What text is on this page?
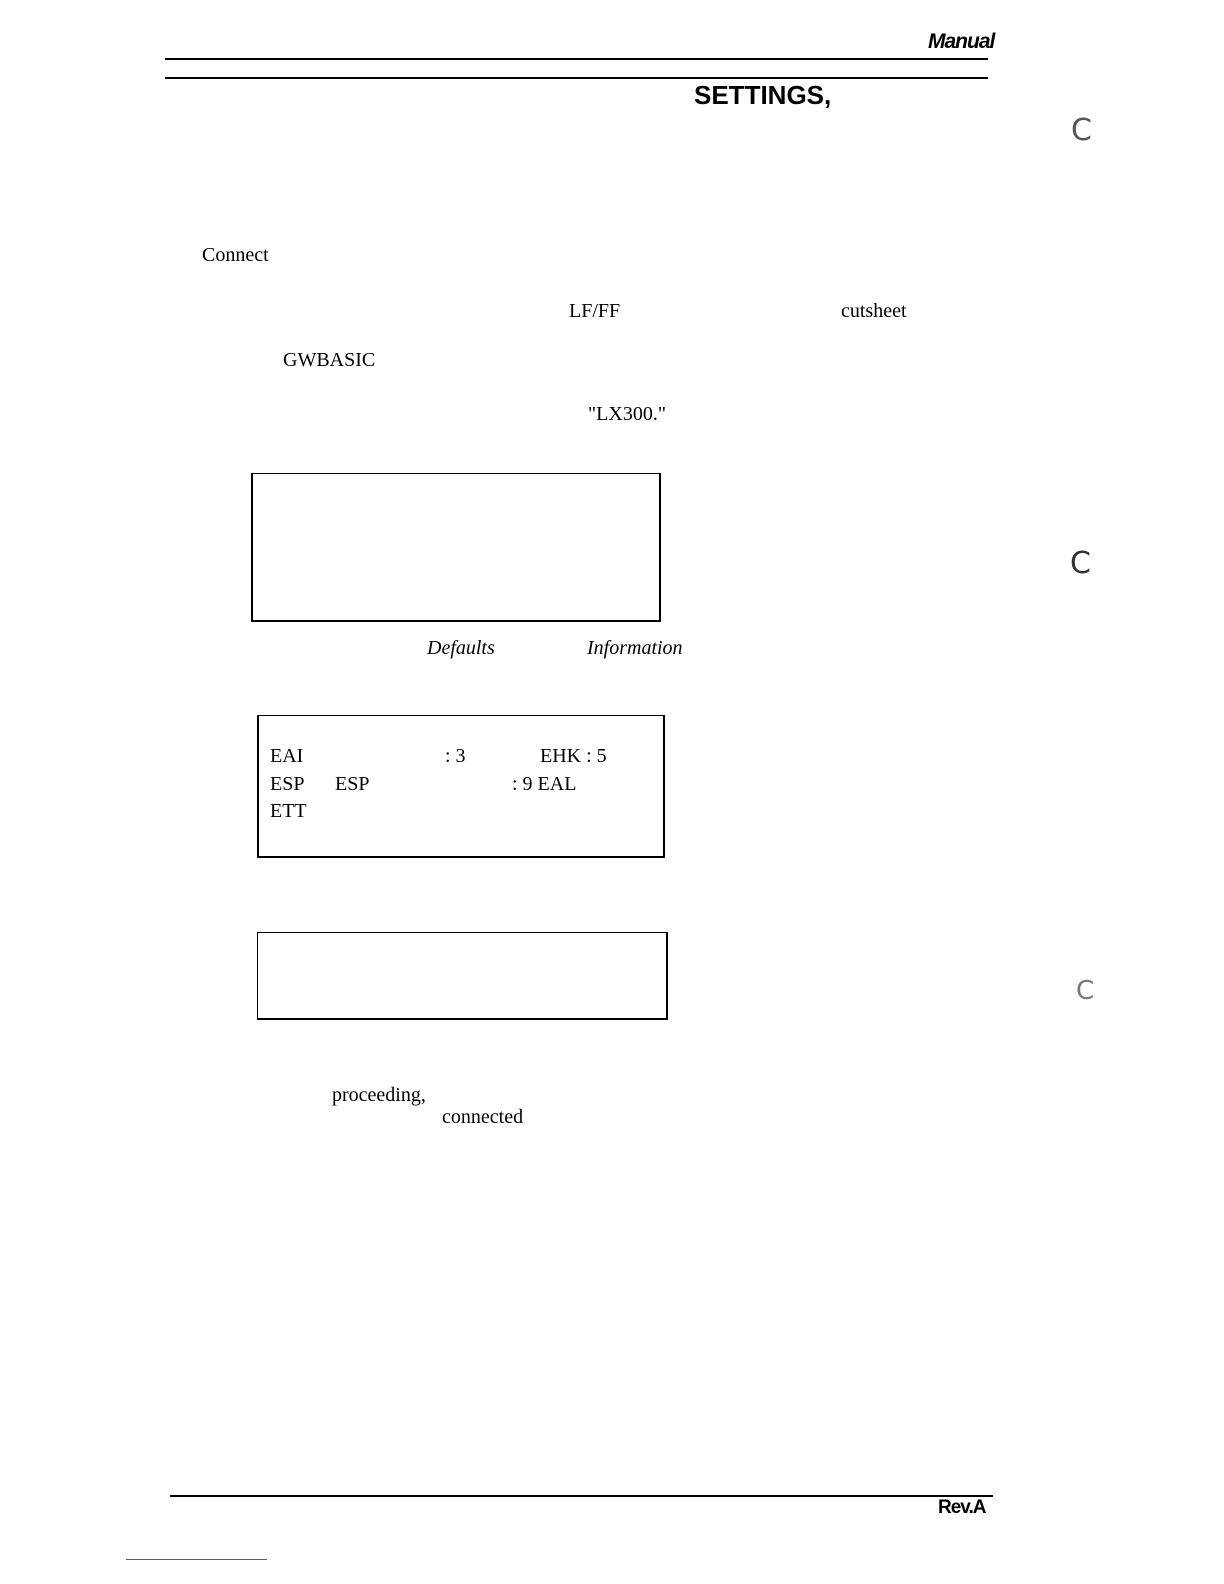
Manual
SETTINGS,
Connect
LF/FF	cutsheet
GWBASIC
"LX300."
Defaults	Information
EAI	: 3	EHK : 5
ESP ESP	: 9 EAL
ETT
proceeding,
connected
Rev.A
C
C
C
